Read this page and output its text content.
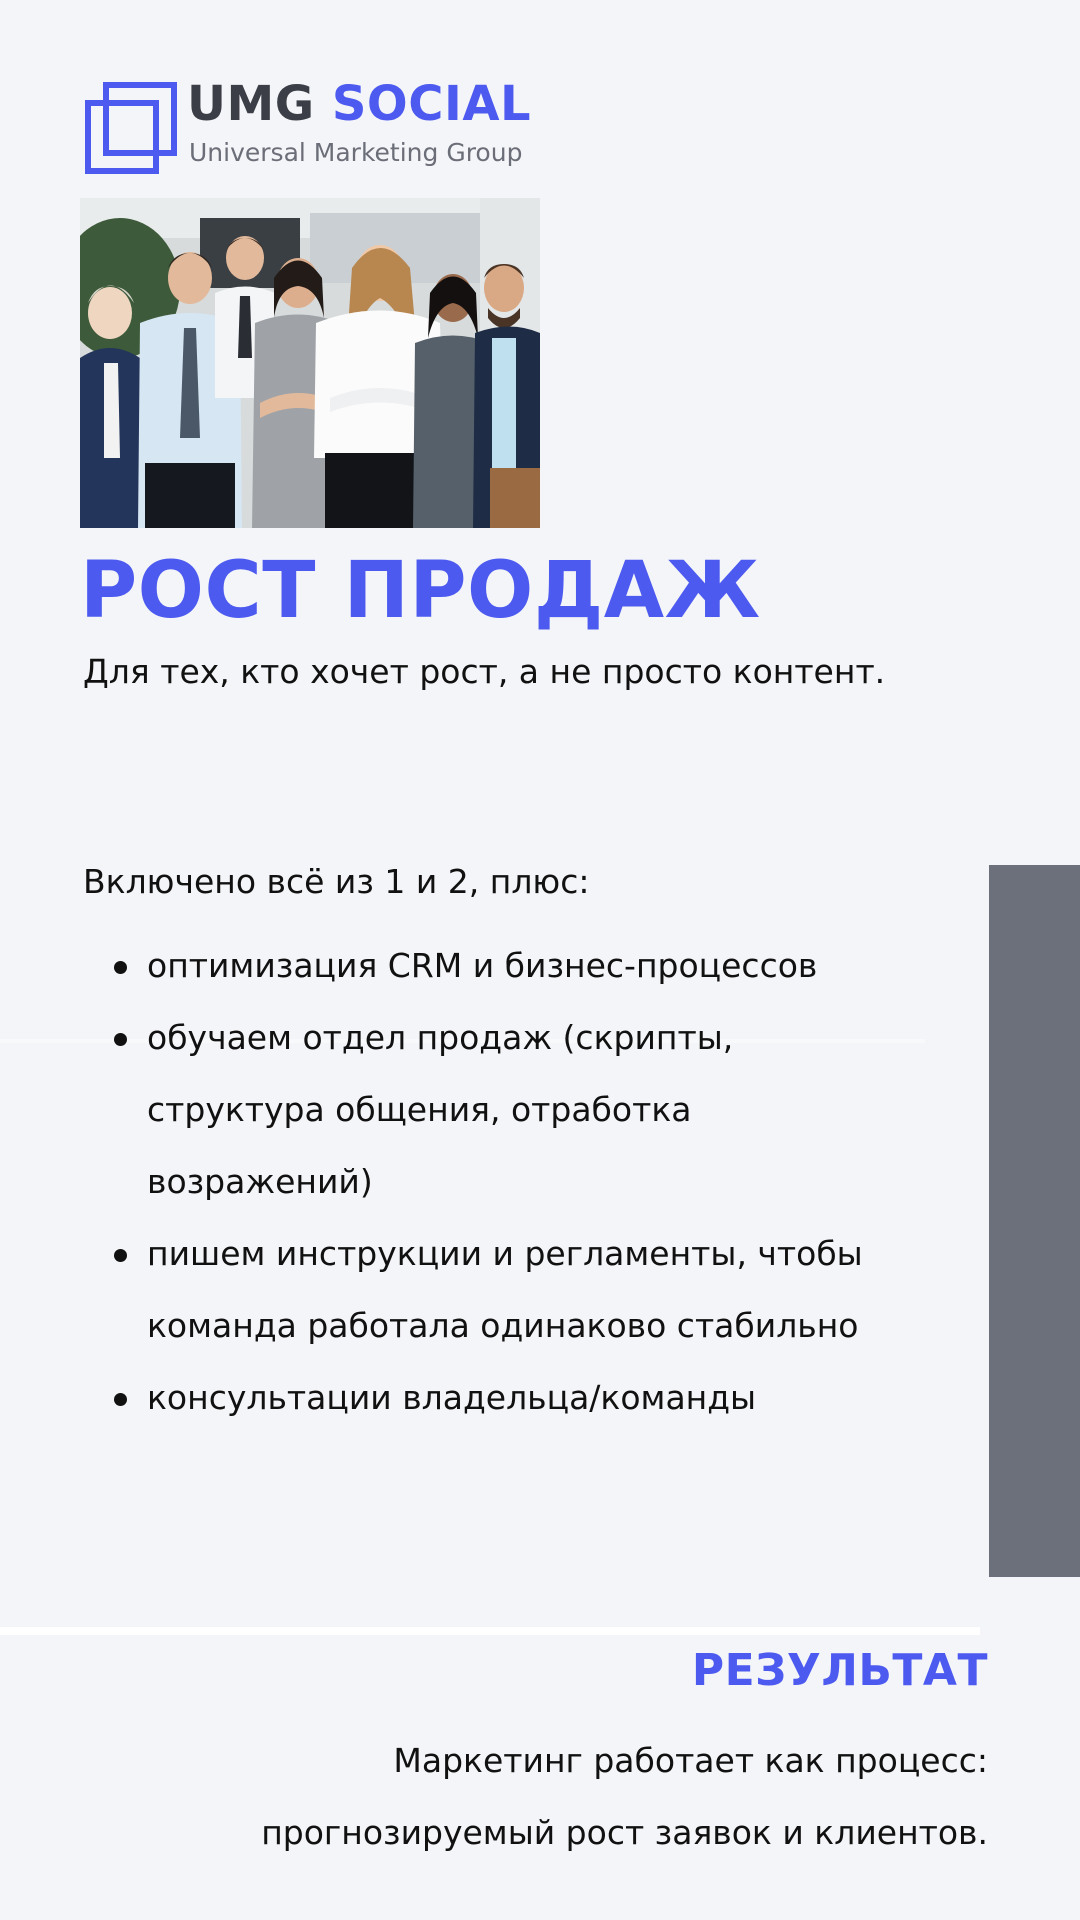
UMG SOCIAL
Universal Marketing Group
РОСТ ПРОДАЖ
Для тех, кто хочет рост, а не просто контент.
Включено всё из 1 и 2, плюс:
оптимизация CRM и бизнес-процессов
обучаем отдел продаж (скрипты, структура общения, отработка возражений)
пишем инструкции и регламенты, чтобы команда работала одинаково стабильно
консультации владельца/команды
РЕЗУЛЬТАТ
Маркетинг работает как процесс:
прогнозируемый рост заявок и клиентов.
